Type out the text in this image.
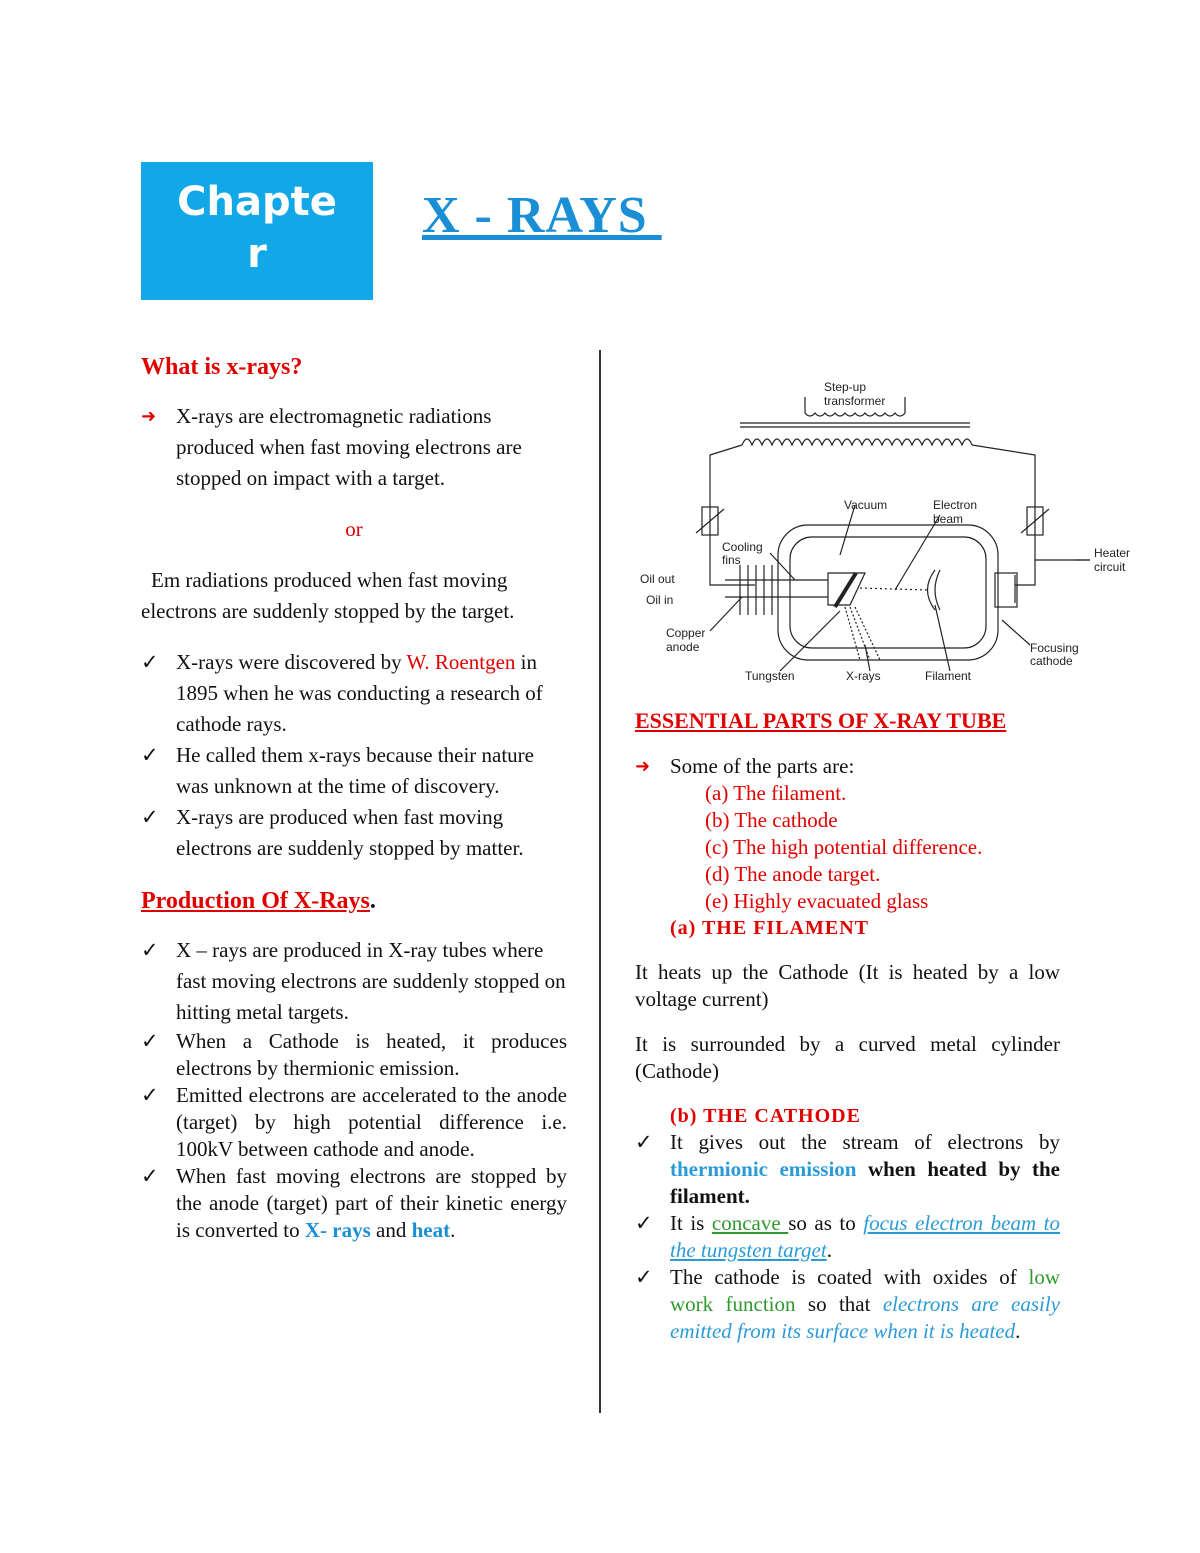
Chapte
r
X - RAYS
What is x-rays?
➜ X-rays are electromagnetic radiations produced when fast moving electrons are stopped on impact with a target.
or

Em radiations produced when fast moving electrons are suddenly stopped by the target.

✓ X-rays were discovered by W. Roentgen in 1895 when he was conducting a research of cathode rays.
✓ He called them x-rays because their nature was unknown at the time of discovery.
✓ X-rays are produced when fast moving electrons are suddenly stopped by matter.
Production Of X-Rays.
✓ X – rays are produced in X-ray tubes where fast moving electrons are suddenly stopped on hitting metal targets.
✓ When a Cathode is heated, it produces electrons by thermionic emission.
✓ Emitted electrons are accelerated to the anode (target) by high potential difference i.e. 100kV between cathode and anode.
✓ When fast moving electrons are stopped by the anode (target) part of their kinetic energy is converted to X- rays and heat.
Step-up
transformer
Vacuum	Electron
beam
Heater
circuit
Cooling
fins
Oil out
Oil in
Copper
anode	Focusing
cathode
Tungsten	X-rays	Filament
ESSENTIAL PARTS OF X-RAY TUBE
➜ Some of the parts are:
(a) The filament.
(b) The cathode
(c) The high potential difference.
(d) The anode target.
(e) Highly evacuated glass
(a) THE FILAMENT

It heats up the Cathode (It is heated by a low voltage current)

It is surrounded by a curved metal cylinder (Cathode)

(b) THE CATHODE
✓ It gives out the stream of electrons by thermionic emission when heated by the filament.
✓ It is concave so as to focus electron beam to the tungsten target.
✓ The cathode is coated with oxides of low work function so that electrons are easily emitted from its surface when it is heated.
